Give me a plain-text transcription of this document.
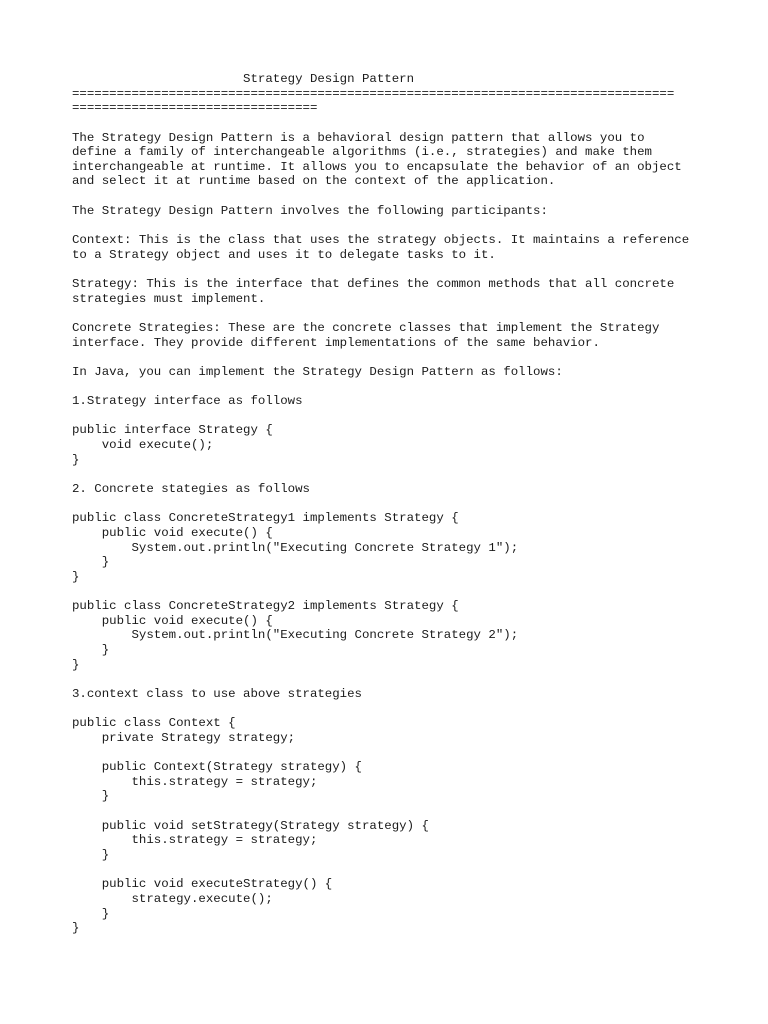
Strategy Design Pattern
=================================================================================
=================================
The Strategy Design Pattern is a behavioral design pattern that allows you to
define a family of interchangeable algorithms (i.e., strategies) and make them
interchangeable at runtime. It allows you to encapsulate the behavior of an object
and select it at runtime based on the context of the application.
The Strategy Design Pattern involves the following participants:
Context: This is the class that uses the strategy objects. It maintains a reference
to a Strategy object and uses it to delegate tasks to it.
Strategy: This is the interface that defines the common methods that all concrete
strategies must implement.
Concrete Strategies: These are the concrete classes that implement the Strategy
interface. They provide different implementations of the same behavior.
In Java, you can implement the Strategy Design Pattern as follows:
1.Strategy interface as follows
public interface Strategy {
void execute();
}
2. Concrete stategies as follows
public class ConcreteStrategy1 implements Strategy {
public void execute() {
System.out.println("Executing Concrete Strategy 1");
}
}
public class ConcreteStrategy2 implements Strategy {
public void execute() {
System.out.println("Executing Concrete Strategy 2");
}
}
3.context class to use above strategies
public class Context {
private Strategy strategy;
public Context(Strategy strategy) {
this.strategy = strategy;
}
public void setStrategy(Strategy strategy) {
this.strategy = strategy;
}
public void executeStrategy() {
strategy.execute();
}
}
